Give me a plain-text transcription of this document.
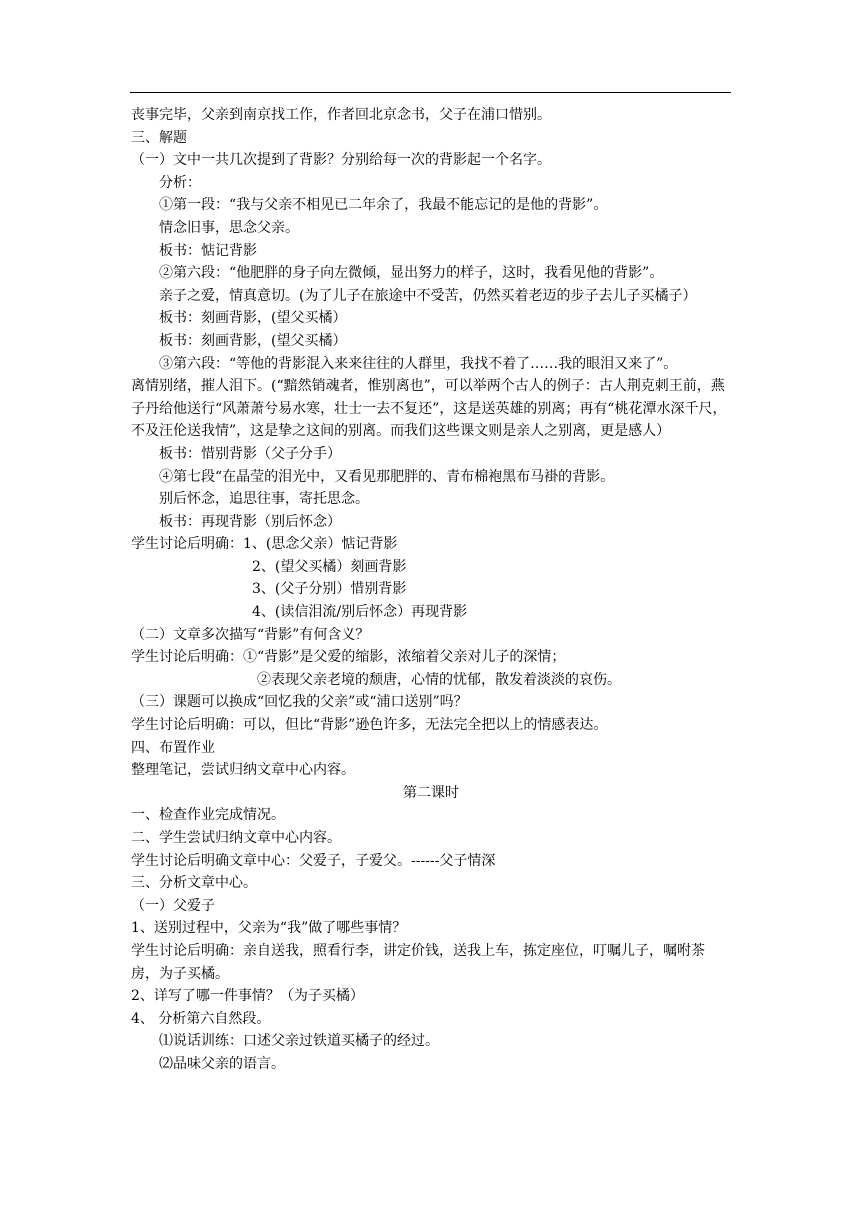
丧事完毕，父亲到南京找工作，作者回北京念书，父子在浦口惜别。
三、解题
（一）文中一共几次提到了背影？分别给每一次的背影起一个名字。
分析：
①第一段：“我与父亲不相见已二年余了，我最不能忘记的是他的背影”。
情念旧事，思念父亲。
板书：惦记背影
②第六段：“他肥胖的身子向左微倾，显出努力的样子，这时，我看见他的背影”。
亲子之爱，情真意切。(为了儿子在旅途中不受苦，仍然买着老迈的步子去儿子买橘子）
板书：刻画背影，(望父买橘）
板书：刻画背影，(望父买橘）
③第六段：“等他的背影混入来来往往的人群里，我找不着了……我的眼泪又来了”。
离情别绪，摧人泪下。(“黯然销魂者，惟别离也”，可以举两个古人的例子：古人荆克刺王前，燕子丹给他送行“风萧萧兮易水寒，壮士一去不复还”，这是送英雄的别离；再有“桃花潭水深千尺，不及汪伦送我情”，这是挚之这间的别离。而我们这些课文则是亲人之别离，更是感人）
板书：惜别背影（父子分手）
④第七段“在晶莹的泪光中，又看见那肥胖的、青布棉袍黑布马褂的背影。
别后怀念，追思往事，寄托思念。
板书：再现背影（别后怀念）
学生讨论后明确：1、(思念父亲）惦记背影
2、(望父买橘）刻画背影
3、(父子分别）惜别背影
4、(读信泪流/别后怀念）再现背影
（二）文章多次描写“背影”有何含义？
学生讨论后明确：①“背影”是父爱的缩影，浓缩着父亲对儿子的深情；
②表现父亲老境的颓唐，心情的忧郁，散发着淡淡的哀伤。
（三）课题可以换成“回忆我的父亲”或“浦口送别”吗？
学生讨论后明确：可以，但比“背影”逊色许多，无法完全把以上的情感表达。
四、布置作业
整理笔记，尝试归纳文章中心内容。
第二课时
一、检查作业完成情况。
二、学生尝试归纳文章中心内容。
学生讨论后明确文章中心：父爱子，子爱父。------父子情深
三、分析文章中心。
（一）父爱子
1、送别过程中，父亲为“我”做了哪些事情？
学生讨论后明确：亲自送我，照看行李，讲定价钱，送我上车，拣定座位，叮嘱儿子，嘱咐茶房，为子买橘。
2、详写了哪一件事情？（为子买橘）
4、 分析第六自然段。
⑴说话训练：口述父亲过铁道买橘子的经过。
⑵品味父亲的语言。
